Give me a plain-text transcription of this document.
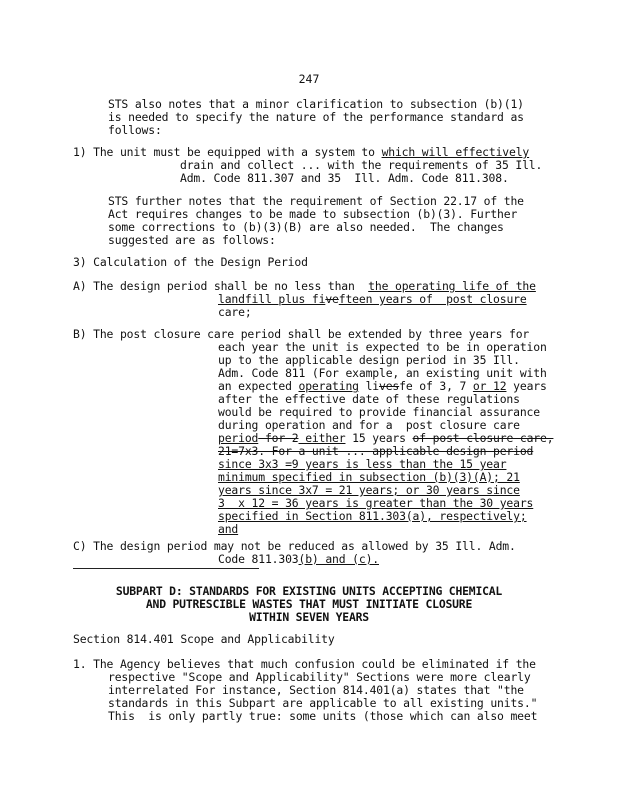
247
STS also notes that a minor clarification to subsection (b)(1)
is needed to specify the nature of the performance standard as
follows:
1) The unit must be equipped with a system to which will effectively
drain and collect ... with the requirements of 35 Ill.
Adm. Code 811.307 and 35  Ill. Adm. Code 811.308.
STS further notes that the requirement of Section 22.17 of the
Act requires changes to be made to subsection (b)(3). Further
some corrections to (b)(3)(B) are also needed.  The changes
suggested are as follows:
3) Calculation of the Design Period
A) The design period shall be no less than  the operating life of the
landfill plus fivefteen years of  post closure
care;
B) The post closure care period shall be extended by three years for
each year the unit is expected to be in operation
up to the applicable design period in 35 Ill.
Adm. Code 811 (For example, an existing unit with
an expected operating livesfe of 3, 7 or 12 years
after the effective date of these regulations
would be required to provide financial assurance
during operation and for a  post closure care
period for 2 either 15 years of post closure care,
21=7x3. For a unit ... applicable design period
since 3x3 =9 years is less than the 15 year
minimum specified in subsection (b)(3)(A); 21
years since 3x7 = 21 years; or 30 years since
3  x 12 = 36 years is greater than the 30 years
specified in Section 811.303(a), respectively;
and
C) The design period may not be reduced as allowed by 35 Ill. Adm.
Code 811.303(b) and (c).
SUBPART D: STANDARDS FOR EXISTING UNITS ACCEPTING CHEMICAL
AND PUTRESCIBLE WASTES THAT MUST INITIATE CLOSURE
WITHIN SEVEN YEARS
Section 814.401 Scope and Applicability
1. The Agency believes that much confusion could be eliminated if the
respective "Scope and Applicability" Sections were more clearly
interrelated For instance, Section 814.401(a) states that "the
standards in this Subpart are applicable to all existing units."
This  is only partly true: some units (those which can also meet
